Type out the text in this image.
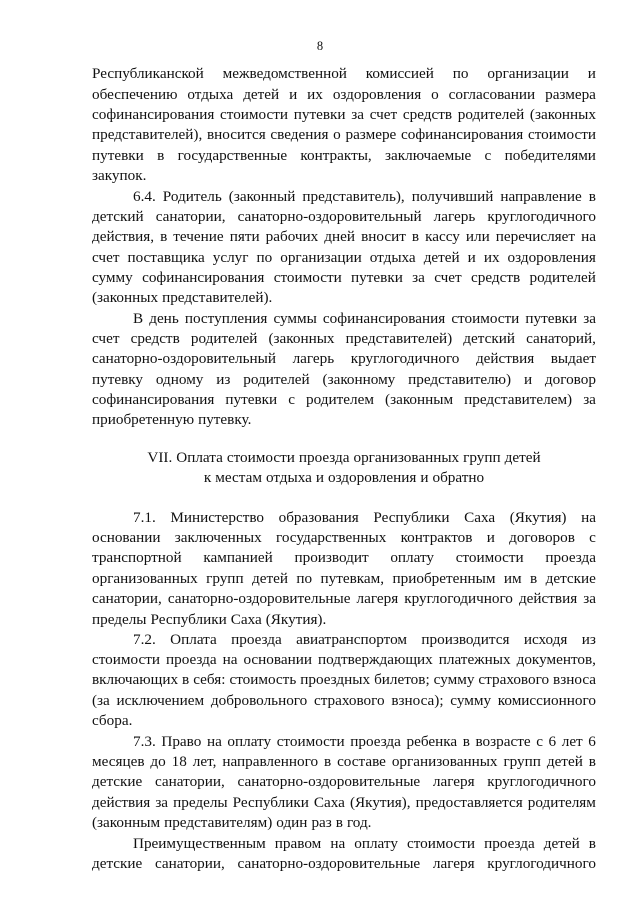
8
Республиканской межведомственной комиссией по организации и
обеспечению отдыха детей и их оздоровления о согласовании размера
софинансирования стоимости путевки за счет средств родителей (законных
представителей), вносится сведения о размере софинансирования стоимости
путевки в государственные контракты, заключаемые с победителями
закупок.
6.4. Родитель (законный представитель), получивший направление в
детский санатории, санаторно-оздоровительный лагерь круглогодичного
действия, в течение пяти рабочих дней вносит в кассу или перечисляет на
счет поставщика услуг по организации отдыха детей и их оздоровления
сумму софинансирования стоимости путевки за счет средств родителей
(законных представителей).
В день поступления суммы софинансирования стоимости путевки за
счет средств родителей (законных представителей) детский санаторий,
санаторно-оздоровительный лагерь круглогодичного действия выдает
путевку одному из родителей (законному представителю) и договор
софинансирования путевки с родителем (законным представителем) за
приобретенную путевку.
VII. Оплата стоимости проезда организованных групп детей
к местам отдыха и оздоровления и обратно
7.1. Министерство образования Республики Саха (Якутия) на
основании заключенных государственных контрактов и договоров с
транспортной кампанией производит оплату стоимости проезда
организованных групп детей по путевкам, приобретенным им в детские
санатории, санаторно-оздоровительные лагеря круглогодичного действия за
пределы Республики Саха (Якутия).
7.2. Оплата проезда авиатранспортом производится исходя из
стоимости проезда на основании подтверждающих платежных документов,
включающих в себя: стоимость проездных билетов; сумму страхового взноса
(за исключением добровольного страхового взноса); сумму комиссионного
сбора.
7.3. Право на оплату стоимости проезда ребенка в возрасте с 6 лет 6
месяцев до 18 лет, направленного в составе организованных групп детей в
детские санатории, санаторно-оздоровительные лагеря круглогодичного
действия за пределы Республики Саха (Якутия), предоставляется родителям
(законным представителям) один раз в год.
Преимущественным правом на оплату стоимости проезда детей в
детские санатории, санаторно-оздоровительные лагеря круглогодичного
